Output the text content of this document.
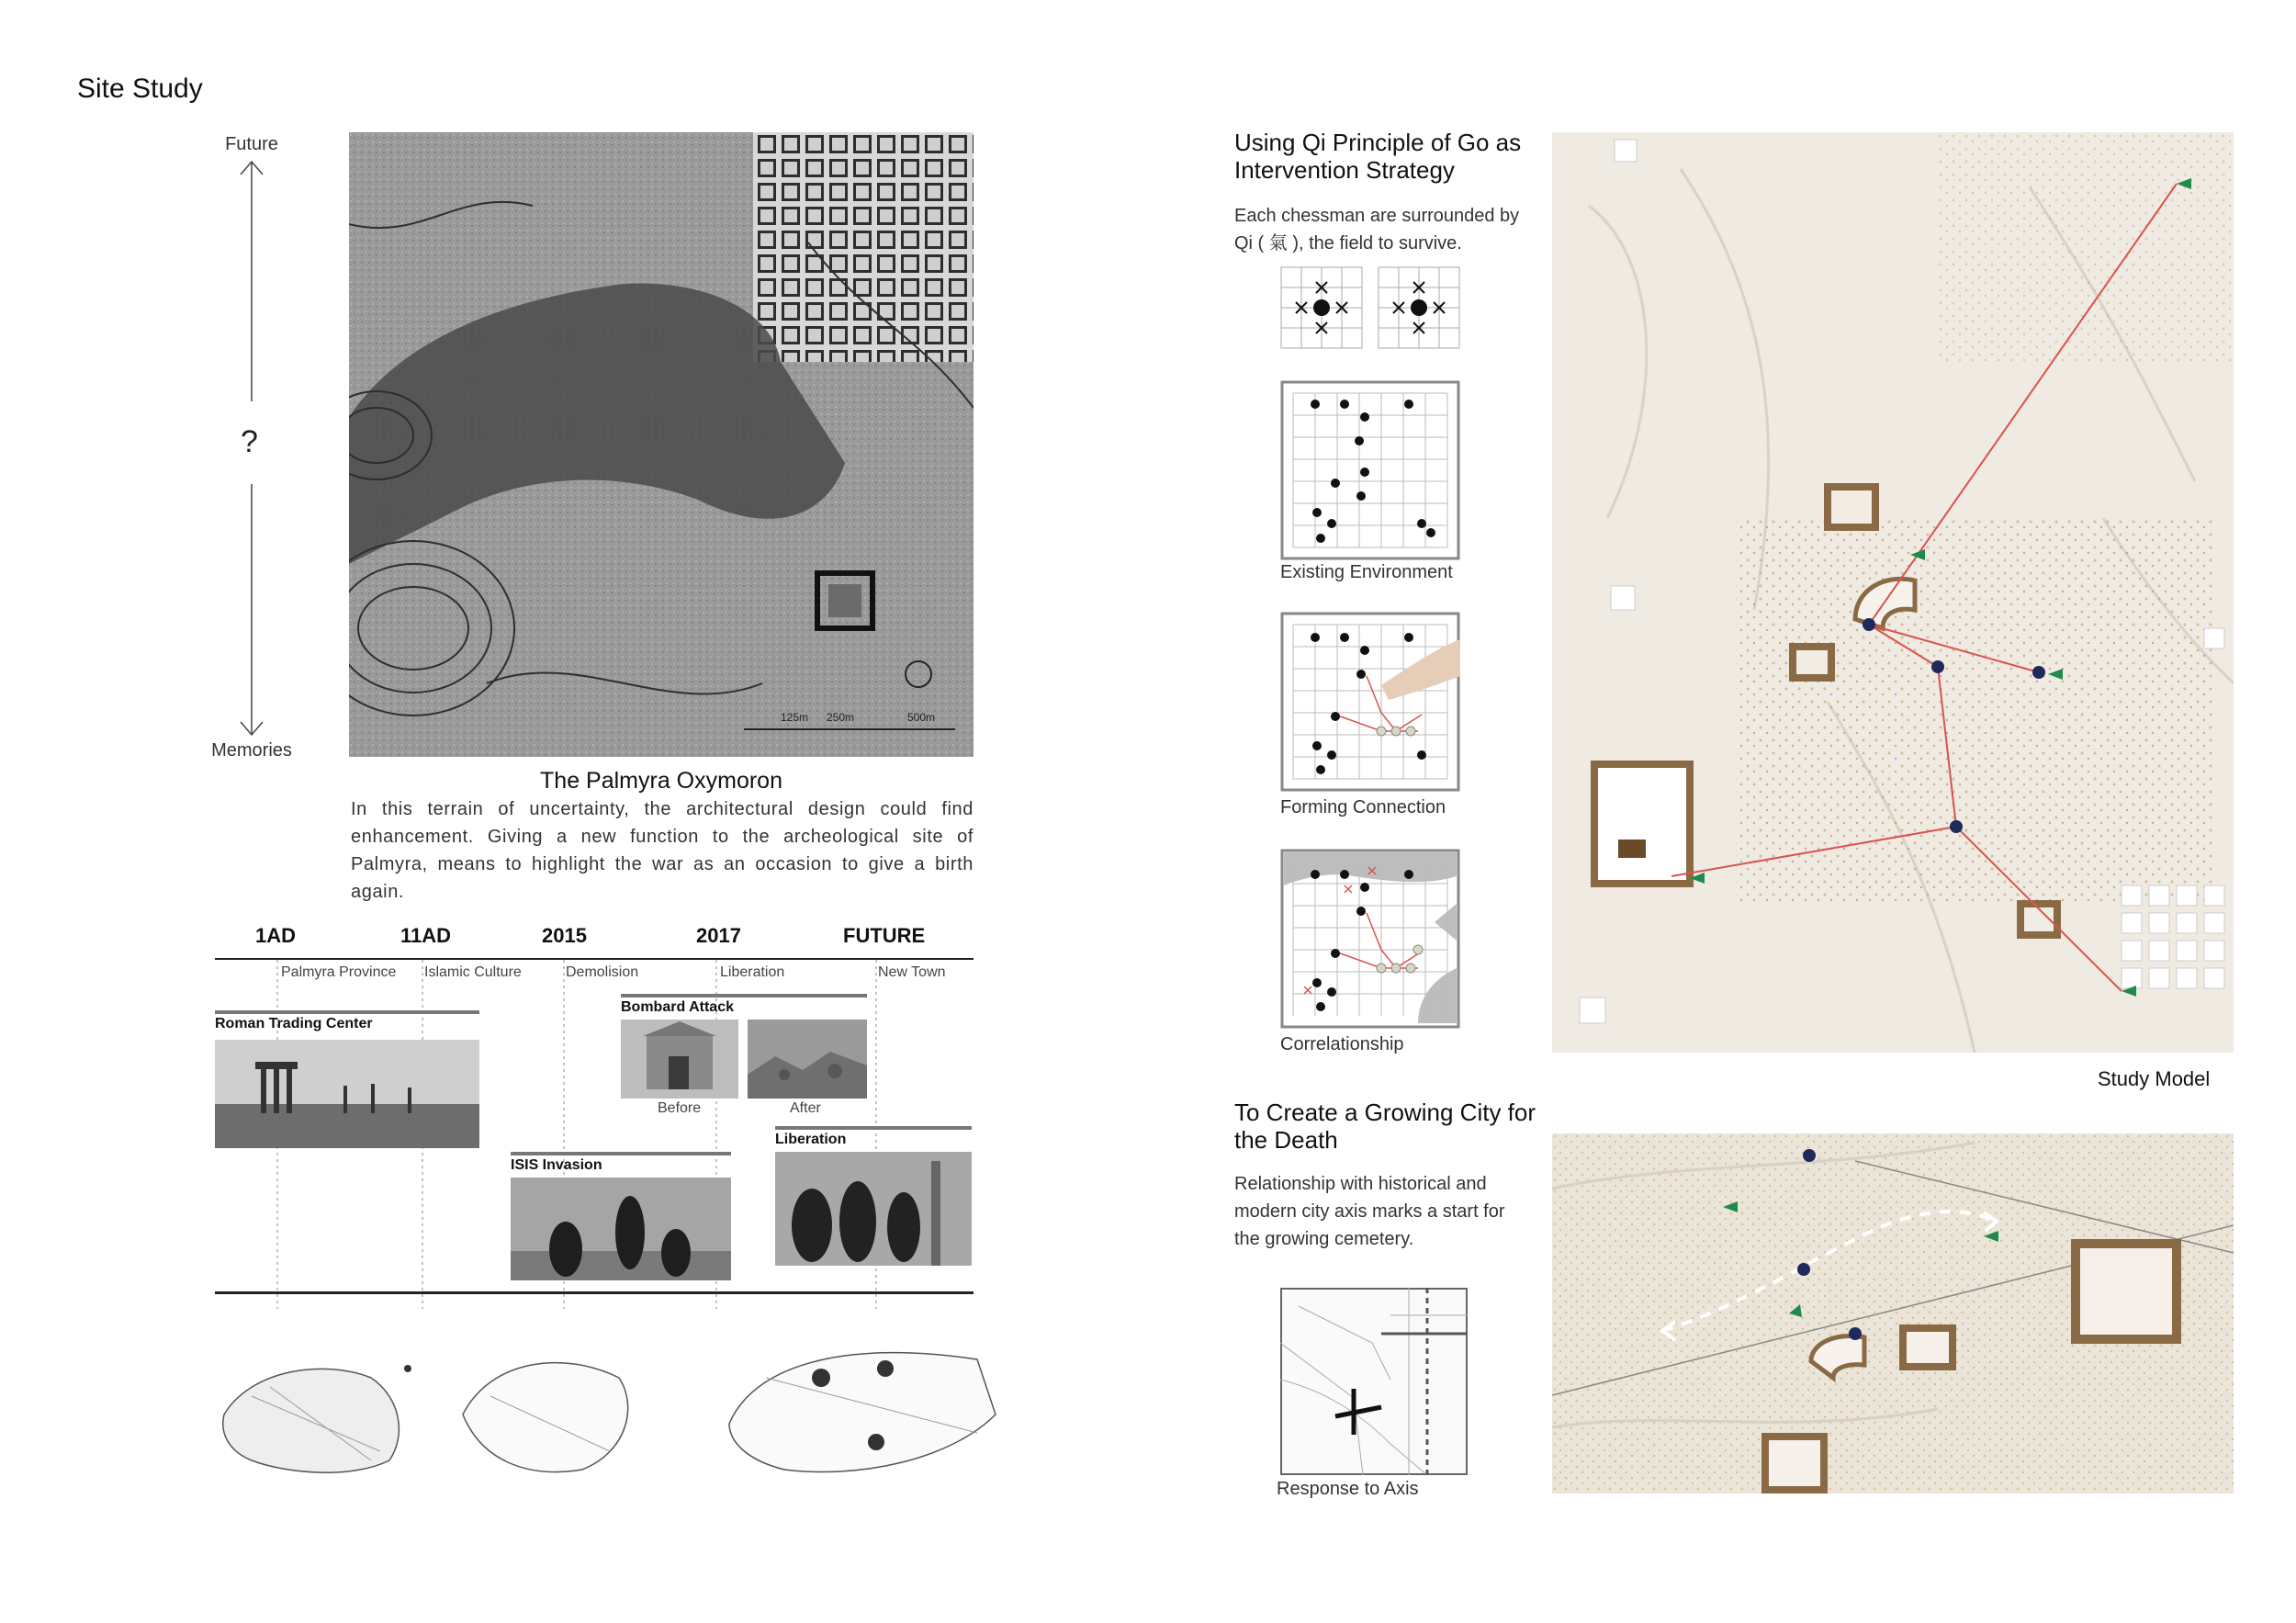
Site Study
Future
?
Memories
125m 250m	500m
The Palmyra Oxymoron
In this terrain of uncertainty, the architectural design could find enhancement. Giving a new function to the archeological site of Palmyra, means to highlight the war as an occasion to give a birth again.
1AD	11AD	2015	2017	FUTURE
Palmyra Province Islamic Culture	Demolision	Liberation	New Town
Roman Trading Center
Bombard Attack
Before	After
ISIS Invasion
Liberation
Using Qi Principle of Go as Intervention Strategy
Each chessman are surrounded by Qi ( 氣 ), the field to survive.
Existing Environment
Forming Connection
Correlationship
To Create a Growing City for the Death
Relationship with historical and modern city axis marks a start for the growing cemetery.
Response to Axis
Study Model
